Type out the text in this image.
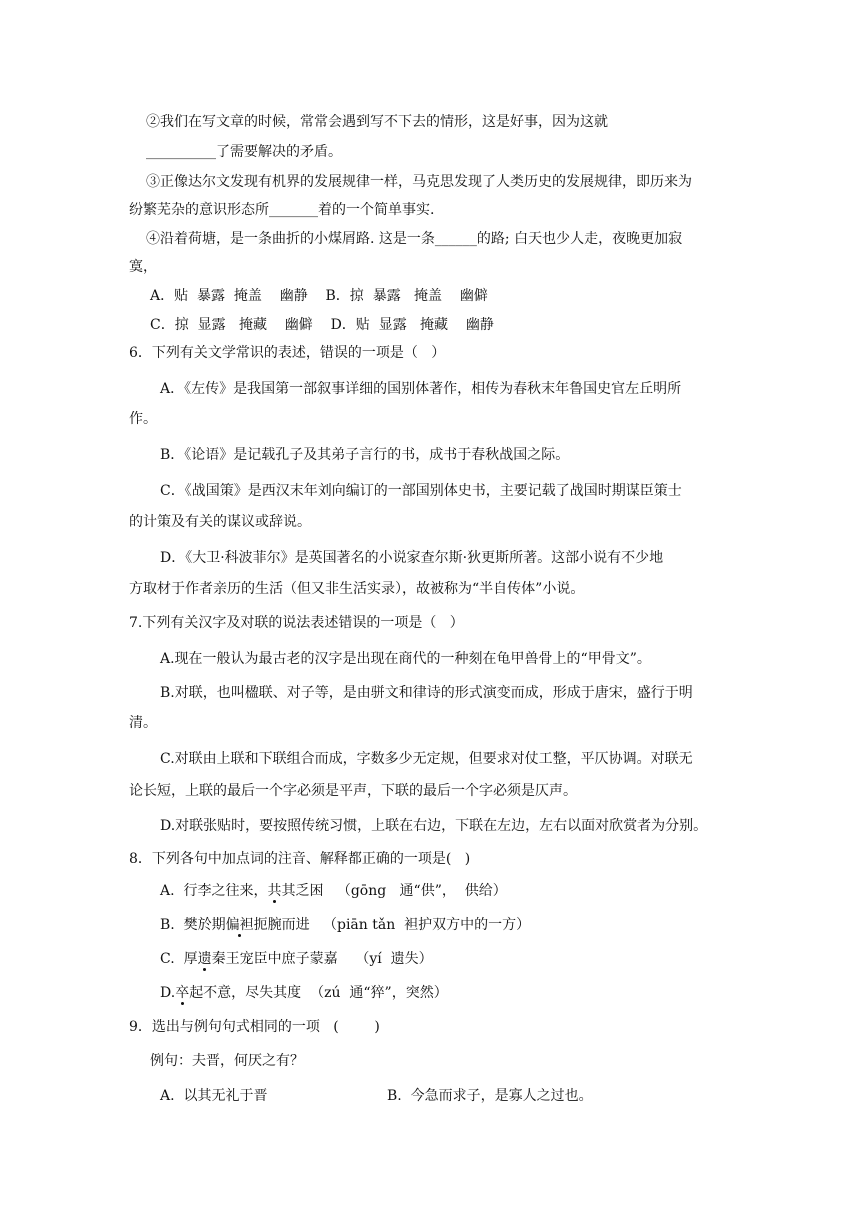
②我们在写文章的时候，常常会遇到写不下去的情形，这是好事，因为这就
__________了需要解决的矛盾。
③正像达尔文发现有机界的发展规律一样，马克思发现了人类历史的发展规律，即历来为
纷繁芜杂的意识形态所_______着的一个简单事实.
④沿着荷塘，是一条曲折的小煤屑路. 这是一条______的路; 白天也少人走，夜晚更加寂
寞，
A．贴  暴露  掩盖    幽静    B．掠  暴露   掩盖    幽僻
C．掠  显露   掩藏    幽僻    D．贴  显露   掩藏    幽静
6．下列有关文学常识的表述，错误的一项是（   ）
A．《左传》是我国第一部叙事详细的国别体著作，相传为春秋末年鲁国史官左丘明所
作。
B．《论语》是记载孔子及其弟子言行的书，成书于春秋战国之际。
C．《战国策》是西汉末年刘向编订的一部国别体史书，主要记载了战国时期谋臣策士
的计策及有关的谋议或辞说。
D．《大卫·科波菲尔》是英国著名的小说家查尔斯·狄更斯所著。这部小说有不少地
方取材于作者亲历的生活（但又非生活实录），故被称为“半自传体”小说。
7.下列有关汉字及对联的说法表述错误的一项是（   ）
A.现在一般认为最古老的汉字是出现在商代的一种刻在龟甲兽骨上的“甲骨文”。
B.对联，也叫楹联、对子等，是由骈文和律诗的形式演变而成，形成于唐宋，盛行于明
清。
C.对联由上联和下联组合而成，字数多少无定规，但要求对仗工整，平仄协调。对联无
论长短，上联的最后一个字必须是平声，下联的最后一个字必须是仄声。
D.对联张贴时，要按照传统习惯，上联在右边，下联在左边，左右以面对欣赏者为分别。
8．下列各句中加点词的注音、解释都正确的一项是(   )
A.  行李之往来，共其乏困   （gōng   通“供”，  供给）
B.  樊於期偏袒扼腕而进   （piān tǎn  袒护双方中的一方）
C.  厚遗秦王宠臣中庶子蒙嘉    （yí  遗失）
D.卒起不意，尽失其度  （zú  通“猝”，突然）
9．选出与例句句式相同的一项   (        )
例句：夫晋，何厌之有？
A.  以其无礼于晋	B.  今急而求子，是寡人之过也。
